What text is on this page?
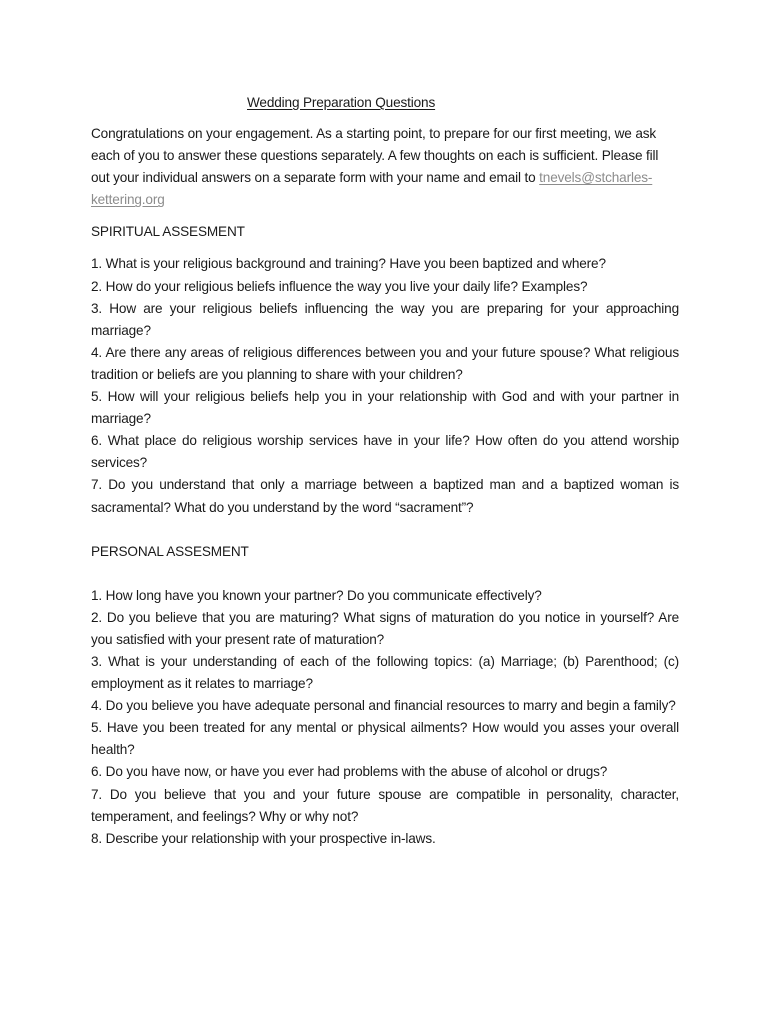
Wedding Preparation Questions

Congratulations on your engagement. As a starting point, to prepare for our first meeting, we ask each of you to answer these questions separately. A few thoughts on each is sufficient. Please fill out your individual answers on a separate form with your name and email to tnevels@stcharles-kettering.org

SPIRITUAL ASSESMENT
1. What is your religious background and training? Have you been baptized and where?
2. How do your religious beliefs influence the way you live your daily life? Examples?
3. How are your religious beliefs influencing the way you are preparing for your approaching marriage?
4. Are there any areas of religious differences between you and your future spouse? What religious tradition or beliefs are you planning to share with your children?
5. How will your religious beliefs help you in your relationship with God and with your partner in marriage?
6. What place do religious worship services have in your life? How often do you attend worship services?
7. Do you understand that only a marriage between a baptized man and a baptized woman is sacramental? What do you understand by the word “sacrament”?
PERSONAL ASSESMENT
1. How long have you known your partner? Do you communicate effectively?
2. Do you believe that you are maturing? What signs of maturation do you notice in yourself? Are you satisfied with your present rate of maturation?
3. What is your understanding of each of the following topics: (a) Marriage; (b) Parenthood; (c) employment as it relates to marriage?
4. Do you believe you have adequate personal and financial resources to marry and begin a family?
5. Have you been treated for any mental or physical ailments? How would you asses your overall health?
6. Do you have now, or have you ever had problems with the abuse of alcohol or drugs?
7. Do you believe that you and your future spouse are compatible in personality, character, temperament, and feelings? Why or why not?
8. Describe your relationship with your prospective in-laws.
